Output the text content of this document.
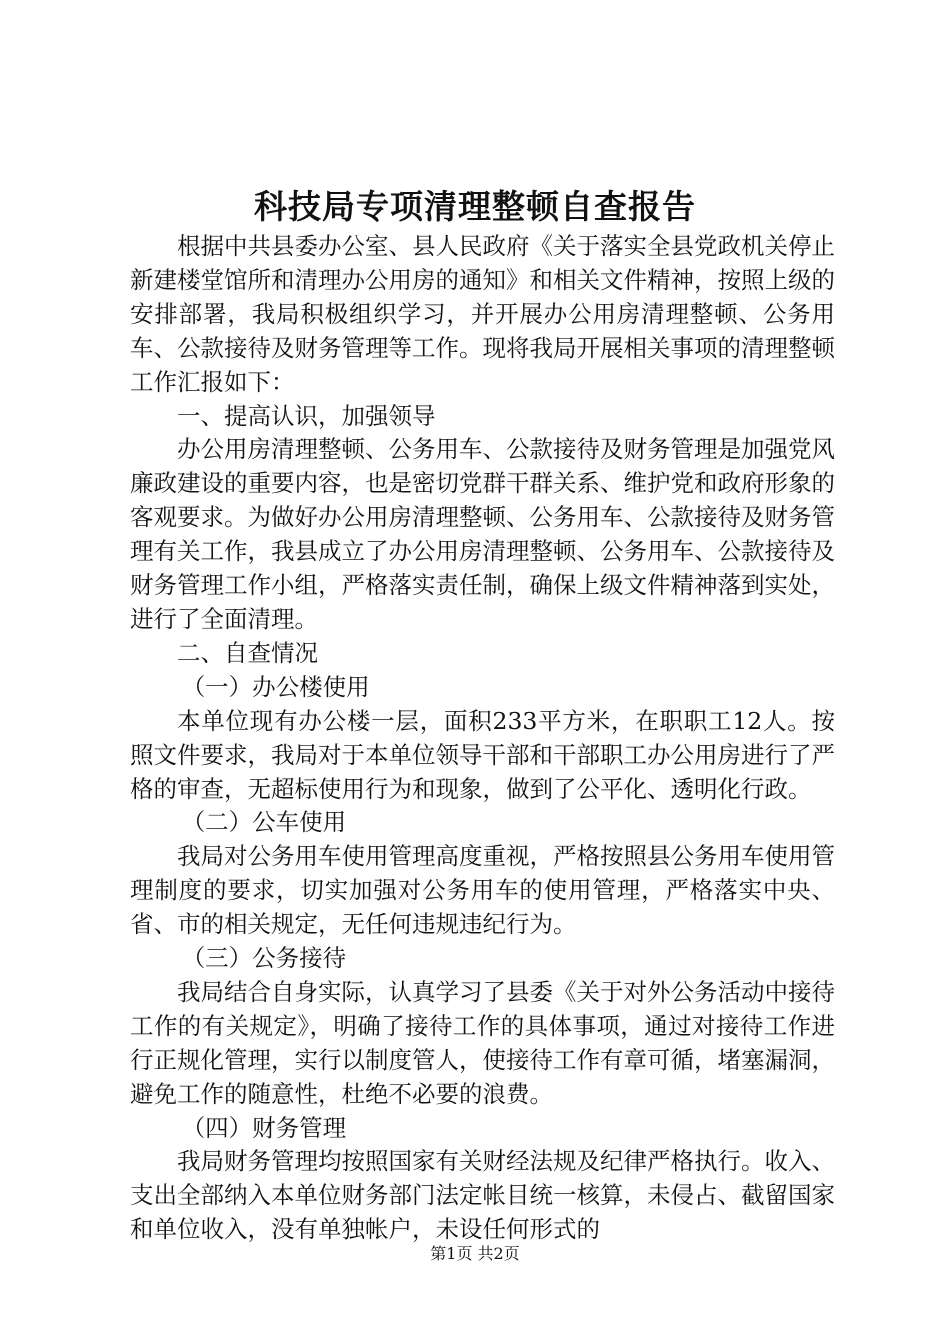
科技局专项清理整顿自查报告

根据中共县委办公室、县人民政府《关于落实全县党政机关停止新建楼堂馆所和清理办公用房的通知》和相关文件精神，按照上级的安排部署，我局积极组织学习，并开展办公用房清理整顿、公务用车、公款接待及财务管理等工作。现将我局开展相关事项的清理整顿工作汇报如下：

一、提高认识，加强领导

办公用房清理整顿、公务用车、公款接待及财务管理是加强党风廉政建设的重要内容，也是密切党群干群关系、维护党和政府形象的客观要求。为做好办公用房清理整顿、公务用车、公款接待及财务管理有关工作，我县成立了办公用房清理整顿、公务用车、公款接待及财务管理工作小组，严格落实责任制，确保上级文件精神落到实处，进行了全面清理。

二、自查情况

（一）办公楼使用

本单位现有办公楼一层，面积233平方米，在职职工12人。按照文件要求，我局对于本单位领导干部和干部职工办公用房进行了严格的审查，无超标使用行为和现象，做到了公平化、透明化行政。

（二）公车使用

我局对公务用车使用管理高度重视，严格按照县公务用车使用管理制度的要求，切实加强对公务用车的使用管理，严格落实中央、省、市的相关规定，无任何违规违纪行为。

（三）公务接待

我局结合自身实际，认真学习了县委《关于对外公务活动中接待工作的有关规定》，明确了接待工作的具体事项，通过对接待工作进行正规化管理，实行以制度管人，使接待工作有章可循，堵塞漏洞，避免工作的随意性，杜绝不必要的浪费。

（四）财务管理

我局财务管理均按照国家有关财经法规及纪律严格执行。收入、支出全部纳入本单位财务部门法定帐目统一核算，未侵占、截留国家和单位收入，没有单独帐户，未设任何形式的

第1页 共2页
